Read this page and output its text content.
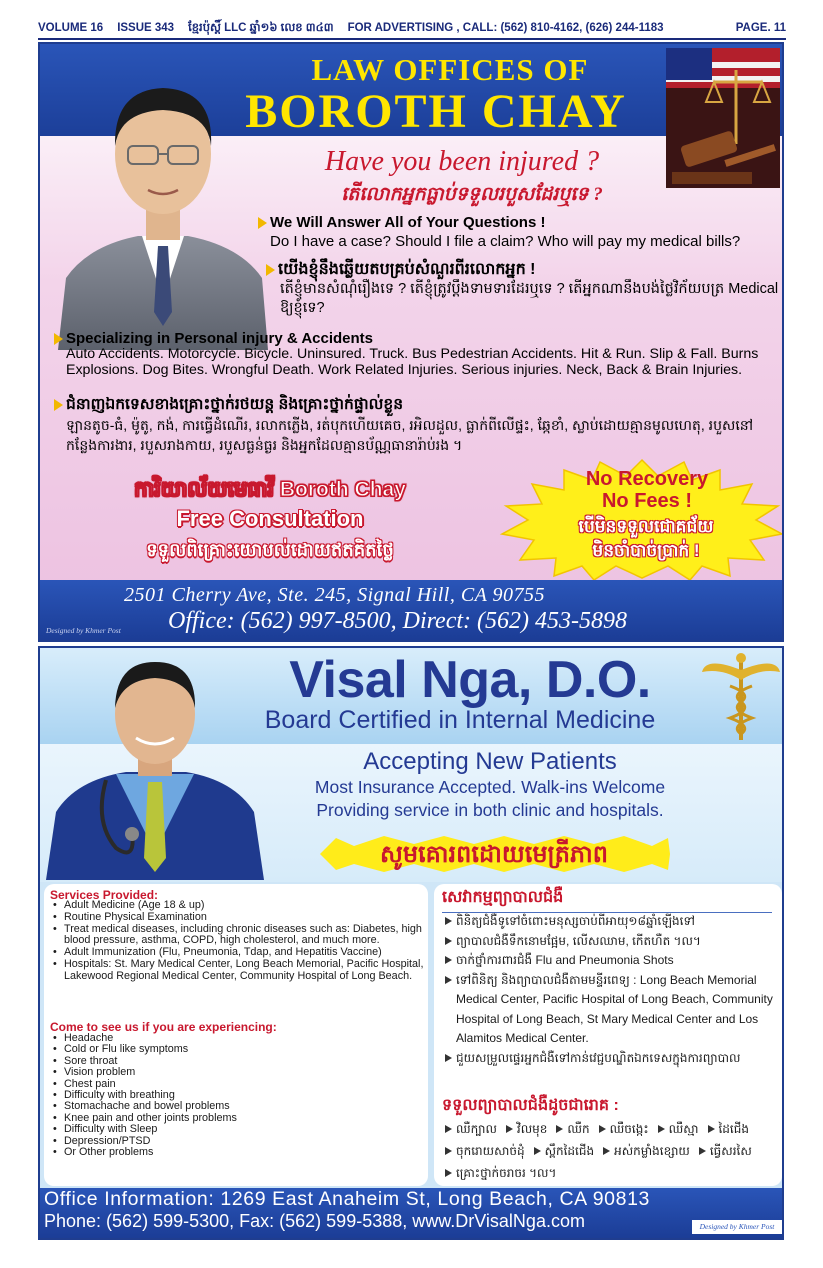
VOLUME 16 ISSUE 343 ខ្មែរប៉ុស្តិ៍ LLC ឆ្នាំ១៦ លេខ ៣៤៣ FOR ADVERTISING , CALL: (562) 810-4162, (626) 244-1183	PAGE. 11
LAW OFFICES OF
BOROTH CHAY
Have you been injured ?
តើលោកអ្នកធ្លាប់ទទួលរបួសដែរឬទេ ?
We Will Answer All of Your Questions !
Do I have a case? Should I file a claim? Who will pay my medical bills?
យើងខ្ញុំនឹងឆ្លើយតបគ្រប់សំណួរពីរលោកអ្នក !
តើខ្ញុំមានសំណុំរឿងទេ ? តើខ្ញុំត្រូវប្ដឹងទាមទារដែរឬទេ ? តើអ្នកណានឹងបង់ថ្លៃវិក័យបត្រ Medical ឱ្យខ្ញុំទេ?
Specializing in Personal injury & Accidents
Auto Accidents. Motorcycle. Bicycle. Uninsured. Truck. Bus Pedestrian Accidents. Hit & Run. Slip & Fall. Burns Explosions. Dog Bites. Wrongful Death. Work Related Injuries. Serious injuries. Neck, Back & Brain Injuries.
ជំនាញឯកទេសខាងគ្រោះថ្នាក់រថយន្ត និងគ្រោះថ្នាក់ផ្ទាល់ខ្លួន
ឡានតូច-ធំ, ម៉ូតូ, កង់, ការធ្វើដំណើរ, រលាកភ្លើង, រត់បុកហើយគេច, រអិលដួល, ធ្លាក់ពីលើផ្ទះ, ឆ្កែខាំ, ស្លាប់ដោយគ្មានមូលហេតុ, របួសនៅកន្លែងការងារ, របួសរាងកាយ, របួសធ្ងន់ធ្ងរ និងអ្នកដែលគ្មានប័ណ្ណធានារ៉ាប់រង ។
ការិយាល័យមេធាវី Boroth Chay
Free Consultation
ទទួលពិគ្រោះយោបល់ដោយឥតគិតថ្លៃ
No Recovery
No Fees !
បើមិនទទួលជោគជ័យ
មិនចាំបាច់ប្រាក់ !
2501 Cherry Ave, Ste. 245, Signal Hill, CA 90755
Office: (562) 997-8500, Direct: (562) 453-5898
Designed by Khmer Post
Visal Nga, D.O.
Board Certified in Internal Medicine
Accepting New Patients
Most Insurance Accepted. Walk-ins Welcome
Providing service in both clinic and hospitals.
សូមគោរពដោយមេត្រីភាព
Services Provided:
• Adult Medicine (Age 18 & up)
• Routine Physical Examination
• Treat medical diseases, including chronic diseases such as: Diabetes, high blood pressure, asthma, COPD, high cholesterol, and much more.
• Adult Immunization (Flu, Pneumonia, Tdap, and Hepatitis Vaccine)
• Hospitals: St. Mary Medical Center, Long Beach Memorial, Pacific Hospital, Lakewood Regional Medical Center, Community Hospital of Long Beach.
Come to see us if you are experiencing:
• Headache
• Cold or Flu like symptoms
• Sore throat
• Vision problem
• Chest pain
• Difficulty with breathing
• Stomachache and bowel problems
• Knee pain and other joints problems
• Difficulty with Sleep
• Depression/PTSD
• Or Other problems
សេវាកម្មព្យាបាលជំងឺ
ពិនិត្យជំងឺទូទៅចំពោះមនុស្សចាប់ពីអាយុ១៨ឆ្នាំឡើងទៅ
ព្យាបាលជំងឺទឹកនោមផ្អែម, លើសឈាម, កើតហឺត ។ល។
ចាក់ថ្នាំការពារជំងឺ Flu and Pneumonia Shots
ទៅពិនិត្យ និងព្យាបាលជំងឺតាមមន្ទីរពេទ្យ : Long Beach Memorial Medical Center, Pacific Hospital of Long Beach, Community Hospital of Long Beach, St Mary Medical Center and Los Alamitos Medical Center.
ជួយសម្រួលផ្ទេរអ្នកជំងឺទៅកាន់វេជ្ជបណ្ឌិតឯកទេសក្នុងការព្យាបាល
ទទួលព្យាបាលជំងឺដូចជារោគ :
ឈឺក្បាល	វិលមុខ	ឈឺក	ឈឺចង្កេះ	ឈឺស្មា	ដៃជើង
ចុករោយសាច់ដុំ	ស្ពឹកដៃជើង	អស់កម្លាំងខ្សោយ	ធ្វើសរសៃ
គ្រោះថ្នាក់ចរាចរ ។ល។
Office Information: 1269 East Anaheim St, Long Beach, CA 90813
Phone: (562) 599-5300, Fax: (562) 599-5388, www.DrVisalNga.com	Designed by Khmer Post
